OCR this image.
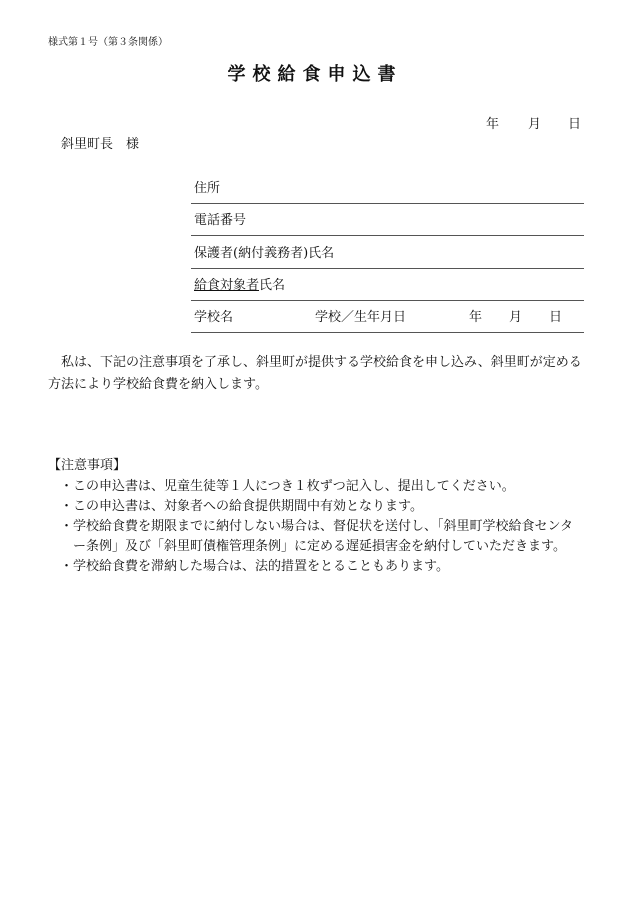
様式第１号（第３条関係）
学校給食申込書
年 月 日
斜里町長　様
住所
電話番号
保護者(納付義務者)氏名
給食対象者氏名
学校名	学校／生年月日	年 月 日

　私は、下記の注意事項を了承し、斜里町が提供する学校給食を申し込み、斜里町が定める方法により学校給食費を納入します。

【注意事項】
・この申込書は、児童生徒等１人につき１枚ずつ記入し、提出してください。
・この申込書は、対象者への給食提供期間中有効となります。
・学校給食費を期限までに納付しない場合は、督促状を送付し、「斜里町学校給食センタ
　ー条例」及び「斜里町債権管理条例」に定める遅延損害金を納付していただきます。
・学校給食費を滞納した場合は、法的措置をとることもあります。
